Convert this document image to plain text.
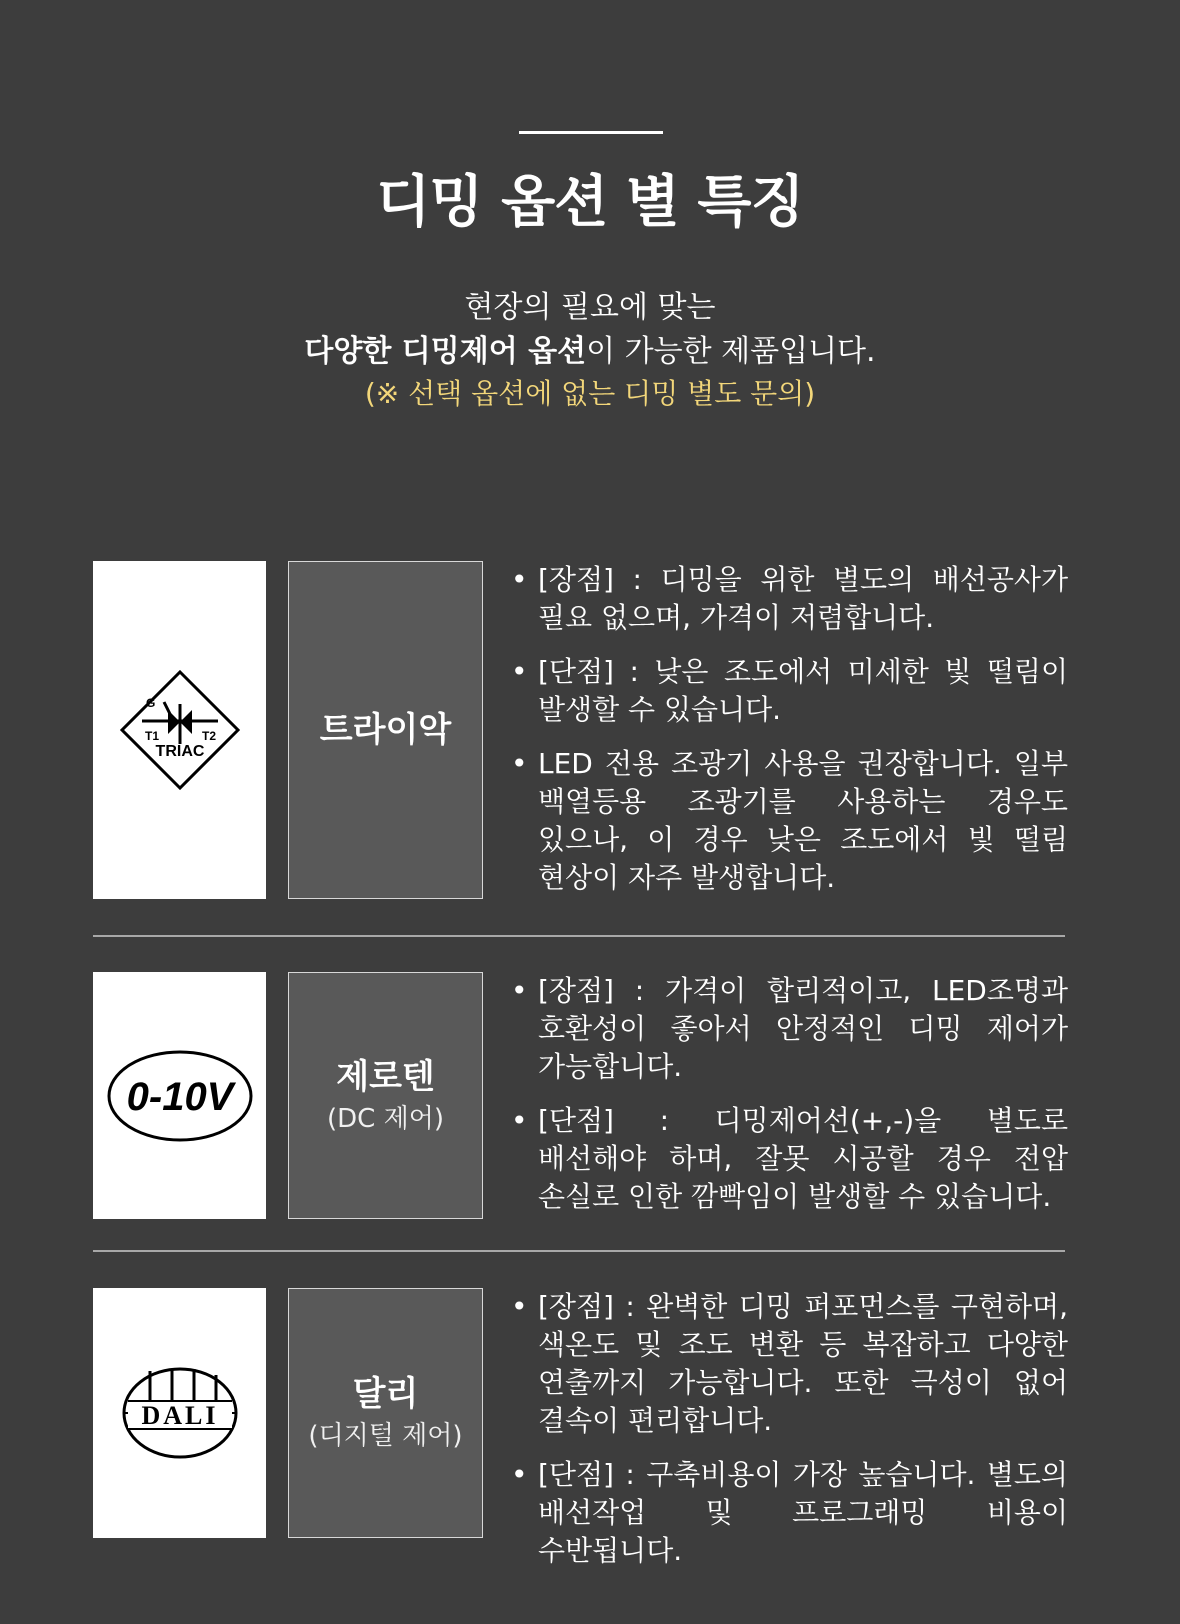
디밍 옵션 별 특징
현장의 필요에 맞는
다양한 디밍제어 옵션이 가능한 제품입니다.
(※ 선택 옵션에 없는 디밍 별도 문의)
G
T1	T2
TRIAC
트라이악
• [장점] : 디밍을 위한 별도의 배선공사가 필요 없으며, 가격이 저렴합니다.
• [단점] : 낮은 조도에서 미세한 빛 떨림이 발생할 수 있습니다.
• LED 전용 조광기 사용을 권장합니다. 일부 백열등용 조광기를 사용하는 경우도 있으나, 이 경우 낮은 조도에서 빛 떨림 현상이 자주 발생합니다.
0-10V	제로텐
(DC 제어)
• [장점] : 가격이 합리적이고, LED조명과 호환성이 좋아서 안정적인 디밍 제어가 가능합니다.
• [단점] : 디밍제어선(+,-)을 별도로 배선해야 하며, 잘못 시공할 경우 전압 손실로 인한 깜빡임이 발생할 수 있습니다.
DALI
달리
(디지털 제어)
• [장점] : 완벽한 디밍 퍼포먼스를 구현하며, 색온도 및 조도 변환 등 복잡하고 다양한 연출까지 가능합니다. 또한 극성이 없어 결속이 편리합니다.
• [단점] : 구축비용이 가장 높습니다. 별도의 배선작업 및 프로그래밍 비용이 수반됩니다.
